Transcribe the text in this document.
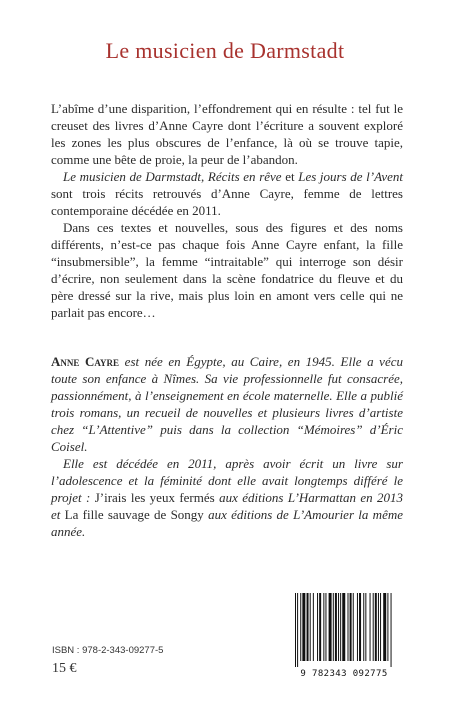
Le musicien de Darmstadt

L’abîme d’une disparition, l’effondrement qui en résulte : tel fut le creuset des livres d’Anne Cayre dont l’écriture a souvent exploré les zones les plus obscures de l’enfance, là où se trouve tapie, comme une bête de proie, la peur de l’abandon.

Le musicien de Darmstadt, Récits en rêve et Les jours de l’Avent sont trois récits retrouvés d’Anne Cayre, femme de lettres contemporaine décédée en 2011.

Dans ces textes et nouvelles, sous des figures et des noms différents, n’est-ce pas chaque fois Anne Cayre enfant, la fille “insubmersible”, la femme “intraitable” qui interroge son désir d’écrire, non seulement dans la scène fondatrice du fleuve et du père dressé sur la rive, mais plus loin en amont vers celle qui ne parlait pas encore…

Anne Cayre est née en Égypte, au Caire, en 1945. Elle a vécu toute son enfance à Nîmes. Sa vie professionnelle fut consacrée, passionnément, à l’enseignement en école maternelle. Elle a publié trois romans, un recueil de nouvelles et plusieurs livres d’artiste chez “L’Attentive” puis dans la collection “Mémoires” d’Éric Coisel.

Elle est décédée en 2011, après avoir écrit un livre sur l’adolescence et la féminité dont elle avait longtemps différé le projet : J’irais les yeux fermés aux éditions L’Harmattan en 2013 et La fille sauvage de Songy aux éditions de L’Amourier la même année.

ISBN : 978-2-343-09277-5
15 €	9 782343 092775
